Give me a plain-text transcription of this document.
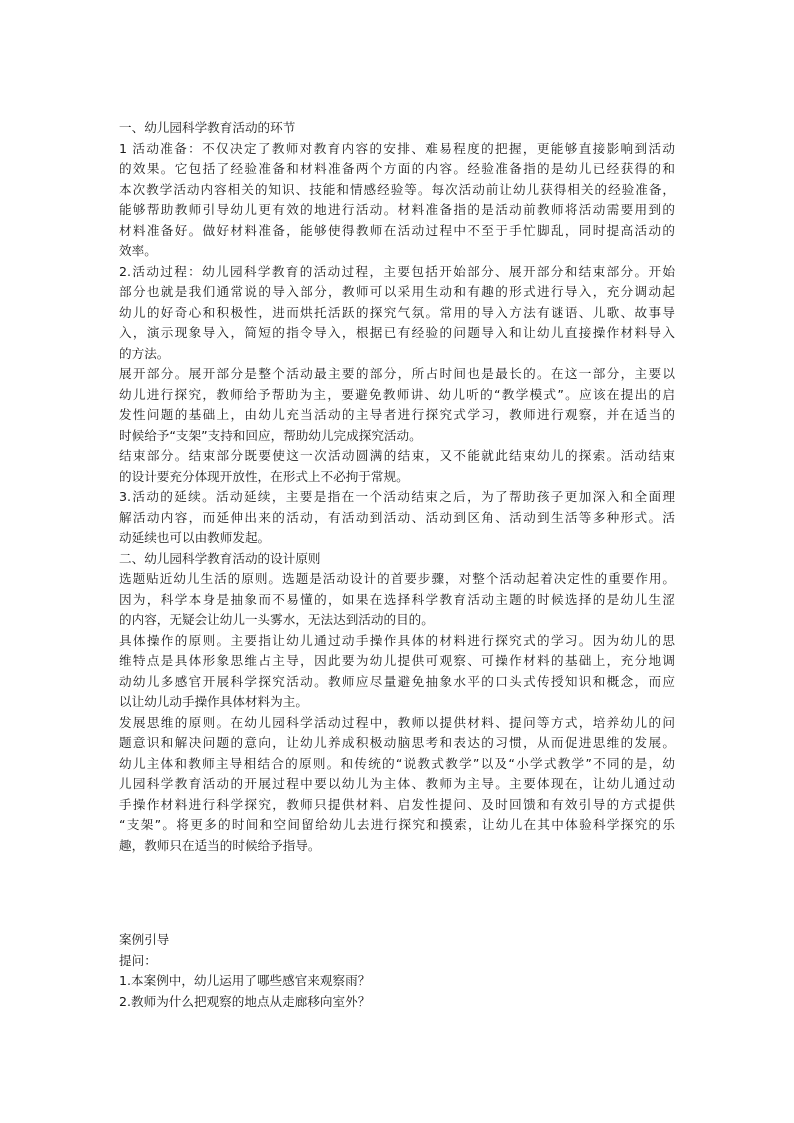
一、幼儿园科学教育活动的环节
1 活动准备：不仅决定了教师对教育内容的安排、难易程度的把握，更能够直接影响到活动
的效果。它包括了经验准备和材料准备两个方面的内容。经验准备指的是幼儿已经获得的和
本次教学活动内容相关的知识、技能和情感经验等。每次活动前让幼儿获得相关的经验准备，
能够帮助教师引导幼儿更有效的地进行活动。材料准备指的是活动前教师将活动需要用到的
材料准备好。做好材料准备，能够使得教师在活动过程中不至于手忙脚乱，同时提高活动的
效率。
2.活动过程：幼儿园科学教育的活动过程，主要包括开始部分、展开部分和结束部分。开始
部分也就是我们通常说的导入部分，教师可以采用生动和有趣的形式进行导入，充分调动起
幼儿的好奇心和积极性，进而烘托活跃的探究气氛。常用的导入方法有谜语、儿歌、故事导
入，演示现象导入，简短的指令导入，根据已有经验的问题导入和让幼儿直接操作材料导入
的方法。
展开部分。展开部分是整个活动最主要的部分，所占时间也是最长的。在这一部分，主要以
幼儿进行探究，教师给予帮助为主，要避免教师讲、幼儿听的“教学模式”。应该在提出的启
发性问题的基础上，由幼儿充当活动的主导者进行探究式学习，教师进行观察，并在适当的
时候给予“支架”支持和回应，帮助幼儿完成探究活动。
结束部分。结束部分既要使这一次活动圆满的结束，又不能就此结束幼儿的探索。活动结束
的设计要充分体现开放性，在形式上不必拘于常规。
3.活动的延续。活动延续，主要是指在一个活动结束之后，为了帮助孩子更加深入和全面理
解活动内容，而延伸出来的活动，有活动到活动、活动到区角、活动到生活等多种形式。活
动延续也可以由教师发起。
二、幼儿园科学教育活动的设计原则
选题贴近幼儿生活的原则。选题是活动设计的首要步骤，对整个活动起着决定性的重要作用。
因为，科学本身是抽象而不易懂的，如果在选择科学教育活动主题的时候选择的是幼儿生涩
的内容，无疑会让幼儿一头雾水，无法达到活动的目的。
具体操作的原则。主要指让幼儿通过动手操作具体的材料进行探究式的学习。因为幼儿的思
维特点是具体形象思维占主导，因此要为幼儿提供可观察、可操作材料的基础上，充分地调
动幼儿多感官开展科学探究活动。教师应尽量避免抽象水平的口头式传授知识和概念，而应
以让幼儿动手操作具体材料为主。
发展思维的原则。在幼儿园科学活动过程中，教师以提供材料、提问等方式，培养幼儿的问
题意识和解决问题的意向，让幼儿养成积极动脑思考和表达的习惯，从而促进思维的发展。
幼儿主体和教师主导相结合的原则。和传统的“说教式教学”以及“小学式教学”不同的是，幼
儿园科学教育活动的开展过程中要以幼儿为主体、教师为主导。主要体现在，让幼儿通过动
手操作材料进行科学探究，教师只提供材料、启发性提问、及时回馈和有效引导的方式提供
“支架”。将更多的时间和空间留给幼儿去进行探究和摸索，让幼儿在其中体验科学探究的乐
趣，教师只在适当的时候给予指导。
案例引导
提问：
1.本案例中，幼儿运用了哪些感官来观察雨？
2.教师为什么把观察的地点从走廊移向室外？
